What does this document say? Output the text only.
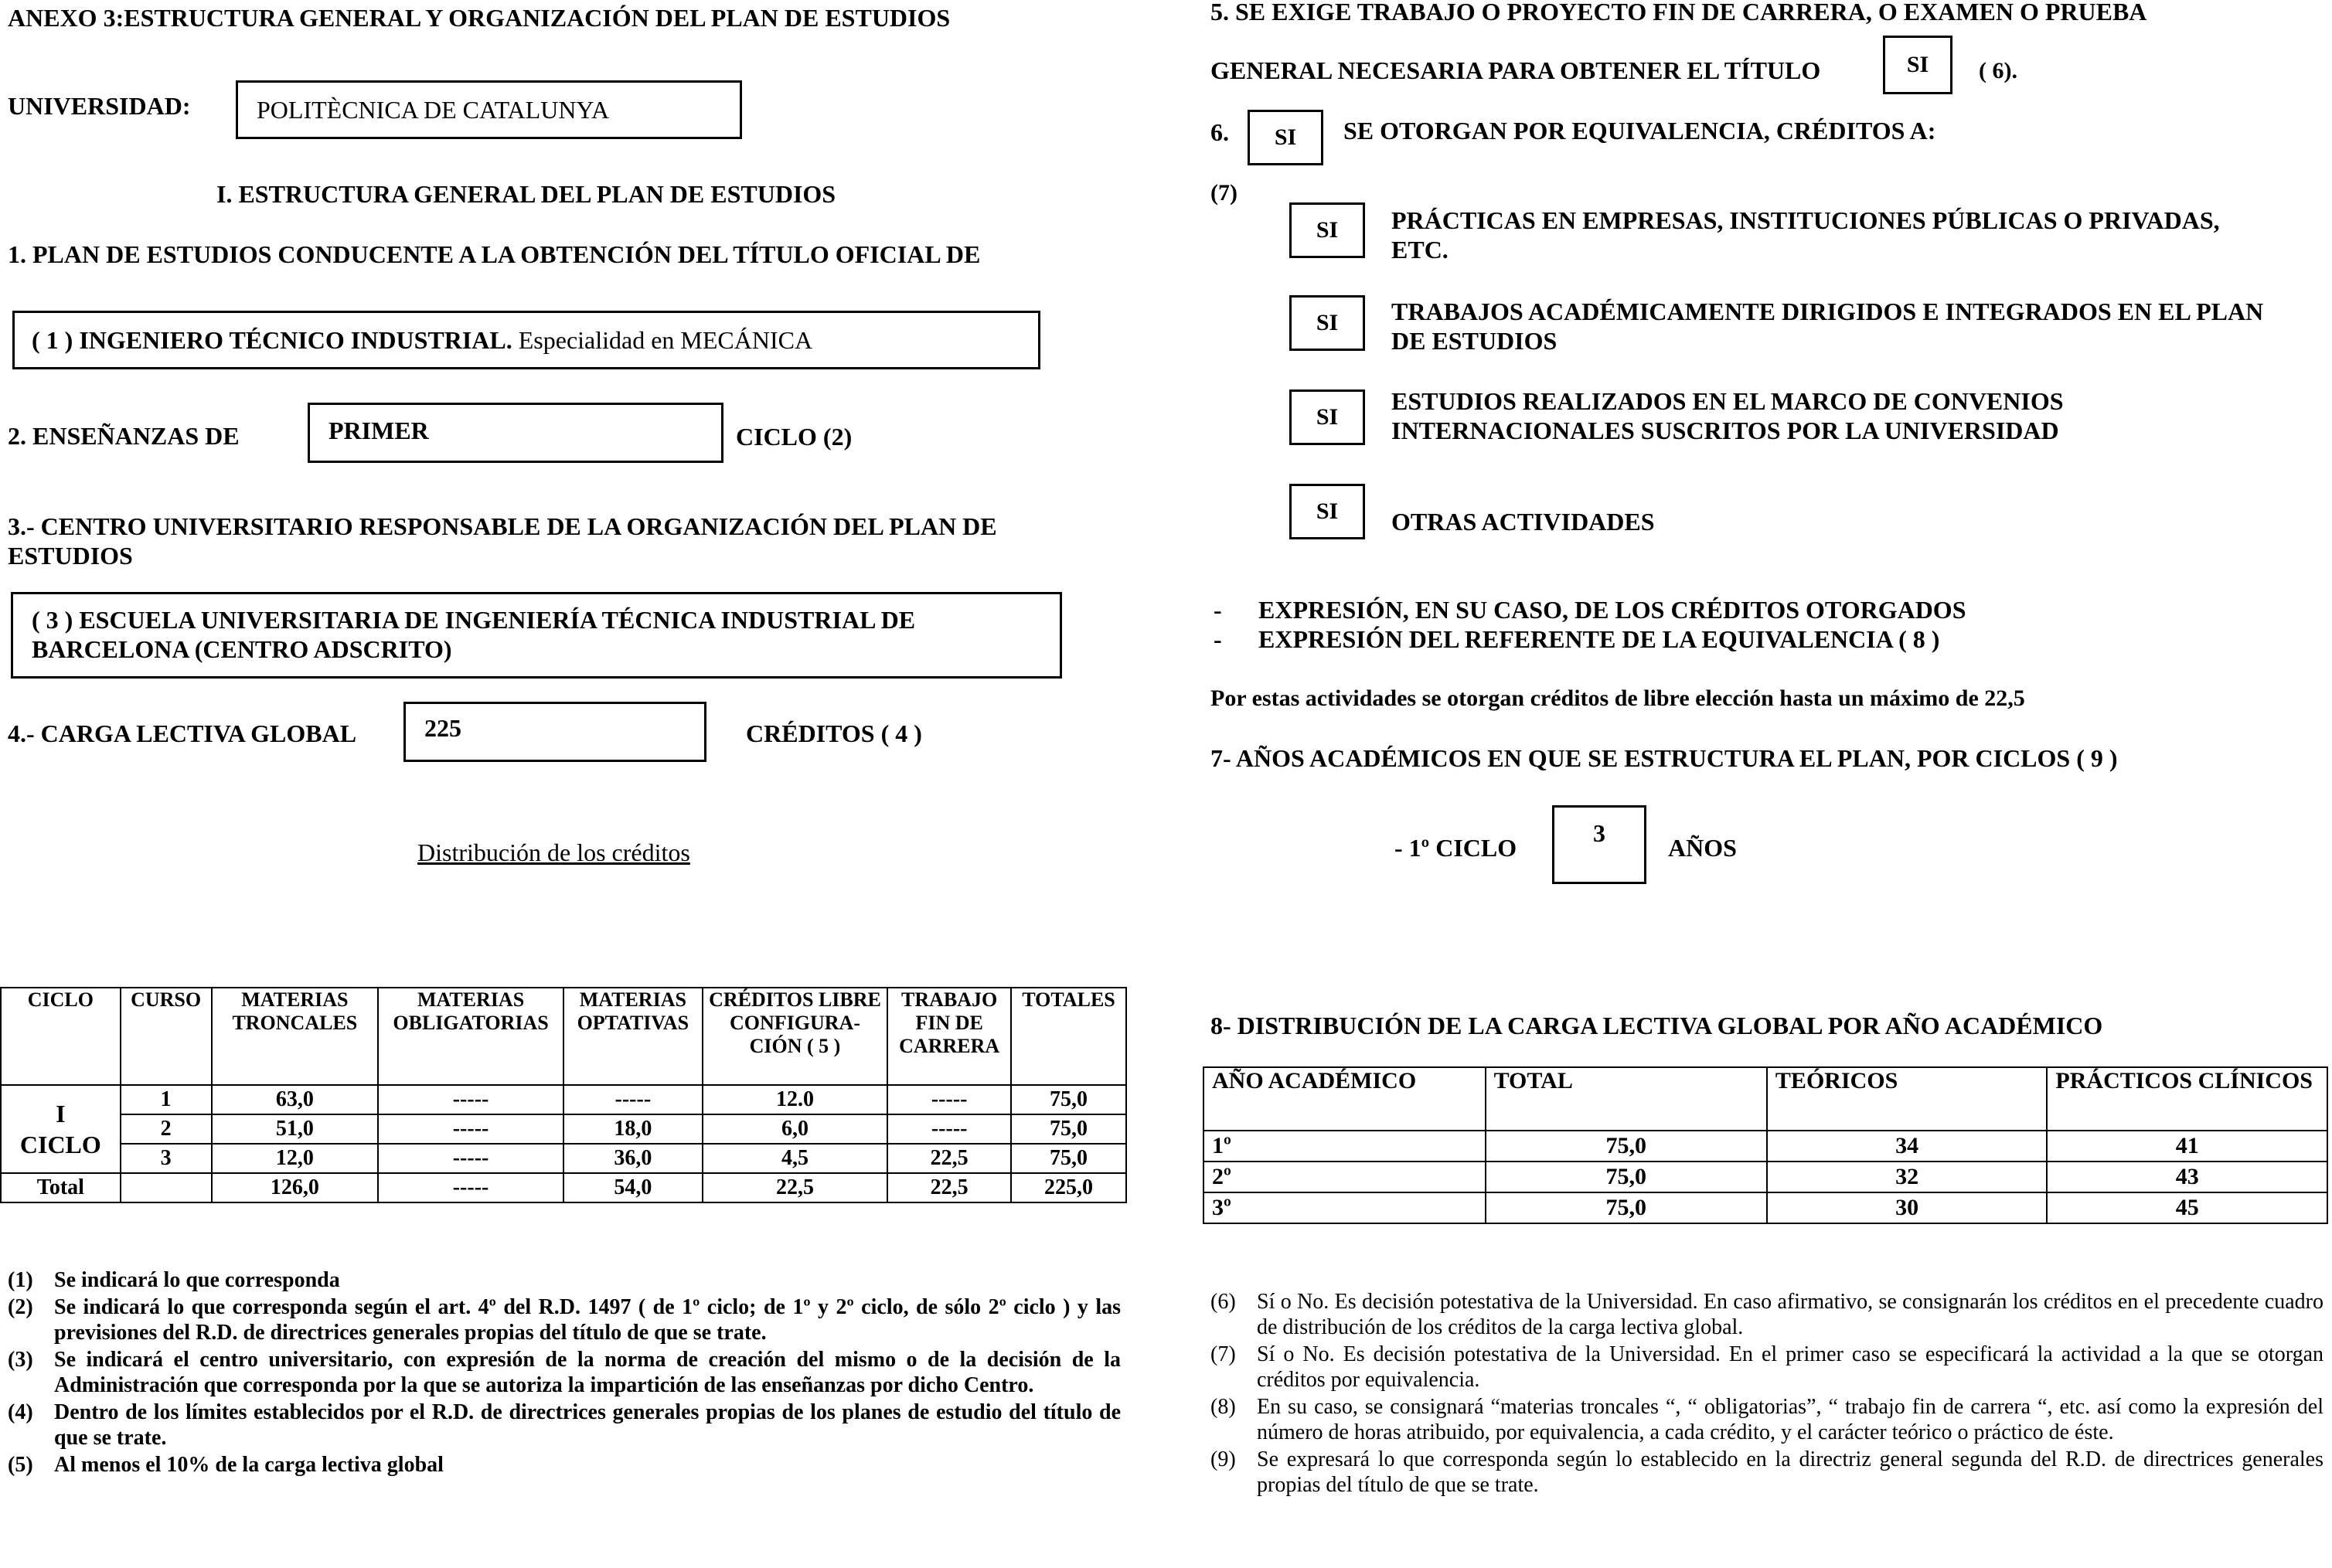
ANEXO 3:ESTRUCTURA GENERAL Y ORGANIZACIÓN DEL PLAN DE ESTUDIOS
UNIVERSIDAD:	POLITÈCNICA DE CATALUNYA
I. ESTRUCTURA GENERAL DEL PLAN DE ESTUDIOS
1. PLAN DE ESTUDIOS CONDUCENTE A LA OBTENCIÓN DEL TÍTULO OFICIAL DE
( 1 ) INGENIERO TÉCNICO INDUSTRIAL. Especialidad en MECÁNICA
2. ENSEÑANZAS DE	PRIMER	CICLO (2)
3.- CENTRO UNIVERSITARIO RESPONSABLE DE LA ORGANIZACIÓN DEL PLAN DE
ESTUDIOS
( 3 ) ESCUELA UNIVERSITARIA DE INGENIERÍA TÉCNICA INDUSTRIAL DE
BARCELONA (CENTRO ADSCRITO)
4.- CARGA LECTIVA GLOBAL	225	CRÉDITOS ( 4 )
Distribución de los créditos
CICLO	CURSO	MATERIAS TRONCALES	MATERIAS OBLIGATORIAS	MATERIAS OPTATIVAS	CRÉDITOS LIBRE CONFIGURA-CIÓN ( 5 )	TRABAJO FIN DE CARRERA	TOTALES

I
CICLO	1	63,0	-----	-----	12.0	-----	75,0
	2	51,0	-----	18,0	6,0	-----	75,0
	3	12,0	-----	36,0	4,5	22,5	75,0
Total		126,0	-----	54,0	22,5	22,5	225,0
(1) Se indicará lo que corresponda
(2) Se indicará lo que corresponda según el art. 4º del R.D. 1497 ( de 1º ciclo; de 1º y 2º ciclo, de sólo 2º ciclo ) y las previsiones del R.D. de directrices generales propias del título de que se trate.
(3) Se indicará el centro universitario, con expresión de la norma de creación del mismo o de la decisión de la Administración que corresponda por la que se autoriza la impartición de las enseñanzas por dicho Centro.
(4) Dentro de los límites establecidos por el R.D. de directrices generales propias de los planes de estudio del título de que se trate.
(5) Al menos el 10% de la carga lectiva global
5. SE EXIGE TRABAJO O PROYECTO FIN DE CARRERA, O EXAMEN O PRUEBA
GENERAL NECESARIA PARA OBTENER EL TÍTULO	SI	( 6).
6.	SI	SE OTORGAN POR EQUIVALENCIA, CRÉDITOS A:
(7)
SI	PRÁCTICAS EN EMPRESAS, INSTITUCIONES PÚBLICAS O PRIVADAS,
ETC.
SI	TRABAJOS ACADÉMICAMENTE DIRIGIDOS E INTEGRADOS EN EL PLAN
DE ESTUDIOS
SI
ESTUDIOS REALIZADOS EN EL MARCO DE CONVENIOS
INTERNACIONALES SUSCRITOS POR LA UNIVERSIDAD
SI	OTRAS ACTIVIDADES
- EXPRESIÓN, EN SU CASO, DE LOS CRÉDITOS OTORGADOS
- EXPRESIÓN DEL REFERENTE DE LA EQUIVALENCIA ( 8 )
Por estas actividades se otorgan créditos de libre elección hasta un máximo de 22,5
7- AÑOS ACADÉMICOS EN QUE SE ESTRUCTURA EL PLAN, POR CICLOS ( 9 )
- 1º CICLO
3
AÑOS
8- DISTRIBUCIÓN DE LA CARGA LECTIVA GLOBAL POR AÑO ACADÉMICO
AÑO ACADÉMICO	TOTAL	TEÓRICOS	PRÁCTICOS CLÍNICOS
1º	75,0	34	41
2º	75,0	32	43
3º	75,0	30	45
(6) Sí o No. Es decisión potestativa de la Universidad. En caso afirmativo, se consignarán los créditos en el precedente cuadro de distribución de los créditos de la carga lectiva global.
(7) Sí o No. Es decisión potestativa de la Universidad. En el primer caso se especificará la actividad a la que se otorgan créditos por equivalencia.
(8) En su caso, se consignará “materias troncales “, “ obligatorias”, “ trabajo fin de carrera “, etc. así como la expresión del número de horas atribuido, por equivalencia, a cada crédito, y el carácter teórico o práctico de éste.
(9) Se expresará lo que corresponda según lo establecido en la directriz general segunda del R.D. de directrices generales propias del título de que se trate.
